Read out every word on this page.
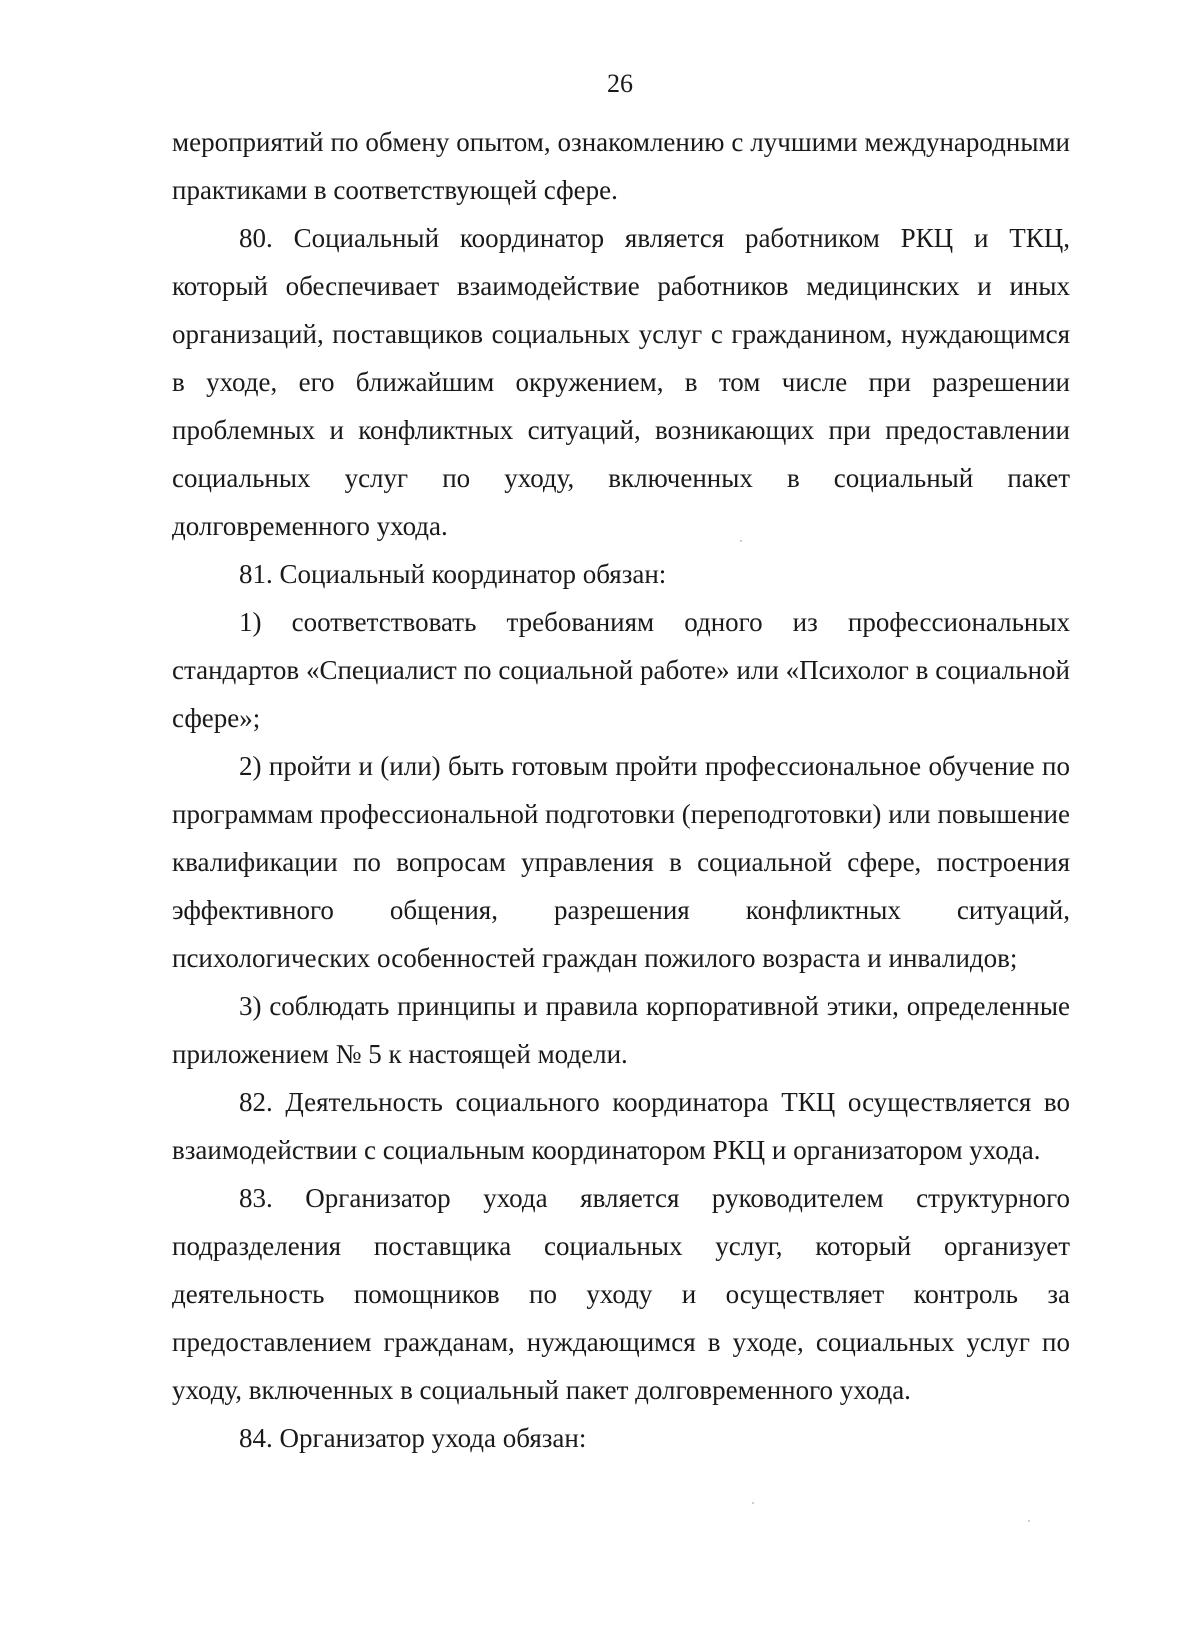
26

мероприятий по обмену опытом, ознакомлению с лучшими международными практиками в соответствующей сфере.

80. Социальный координатор является работником РКЦ и ТКЦ, который обеспечивает взаимодействие работников медицинских и иных организаций, поставщиков социальных услуг с гражданином, нуждающимся в уходе, его ближайшим окружением, в том числе при разрешении проблемных и конфликтных ситуаций, возникающих при предоставлении социальных услуг по уходу, включенных в социальный пакет долговременного ухода.

81. Социальный координатор обязан:

1) соответствовать требованиям одного из профессиональных стандартов «Специалист по социальной работе» или «Психолог в социальной сфере»;

2) пройти и (или) быть готовым пройти профессиональное обучение по программам профессиональной подготовки (переподготовки) или повышение квалификации по вопросам управления в социальной сфере, построения эффективного общения, разрешения конфликтных ситуаций, психологических особенностей граждан пожилого возраста и инвалидов;

3) соблюдать принципы и правила корпоративной этики, определенные приложением № 5 к настоящей модели.

82. Деятельность социального координатора ТКЦ осуществляется во взаимодействии с социальным координатором РКЦ и организатором ухода.

83. Организатор ухода является руководителем структурного подразделения поставщика социальных услуг, который организует деятельность помощников по уходу и осуществляет контроль за предоставлением гражданам, нуждающимся в уходе, социальных услуг по уходу, включенных в социальный пакет долговременного ухода.

84. Организатор ухода обязан:
